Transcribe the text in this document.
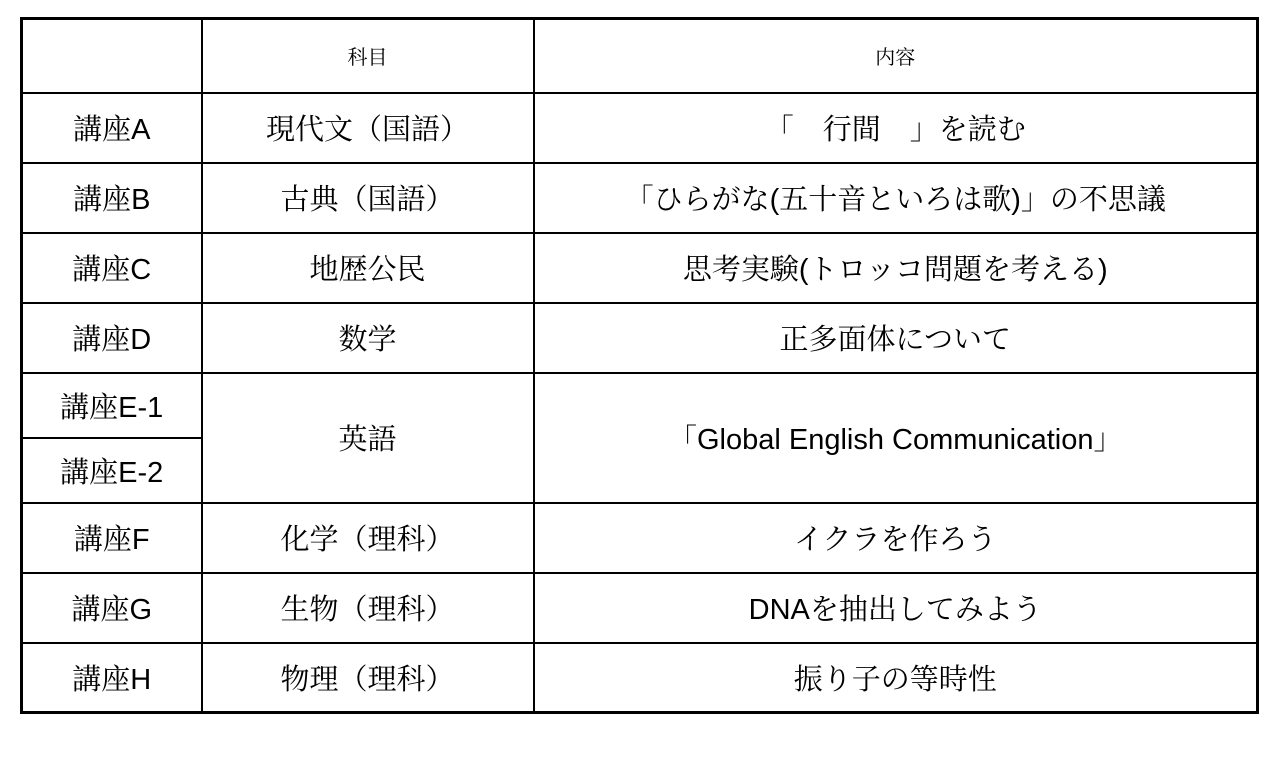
	科目	内容
講座A	現代文（国語）	「　行間　」を読む
講座B	古典（国語）	「ひらがな(五十音といろは歌)」の不思議
講座C	地歴公民	思考実験(トロッコ問題を考える)
講座D	数学	正多面体について
講座E-1	英語	「Global English Communication」
講座E-2		
講座F	化学（理科）	イクラを作ろう
講座G	生物（理科）	DNAを抽出してみよう
講座H	物理（理科）	振り子の等時性
